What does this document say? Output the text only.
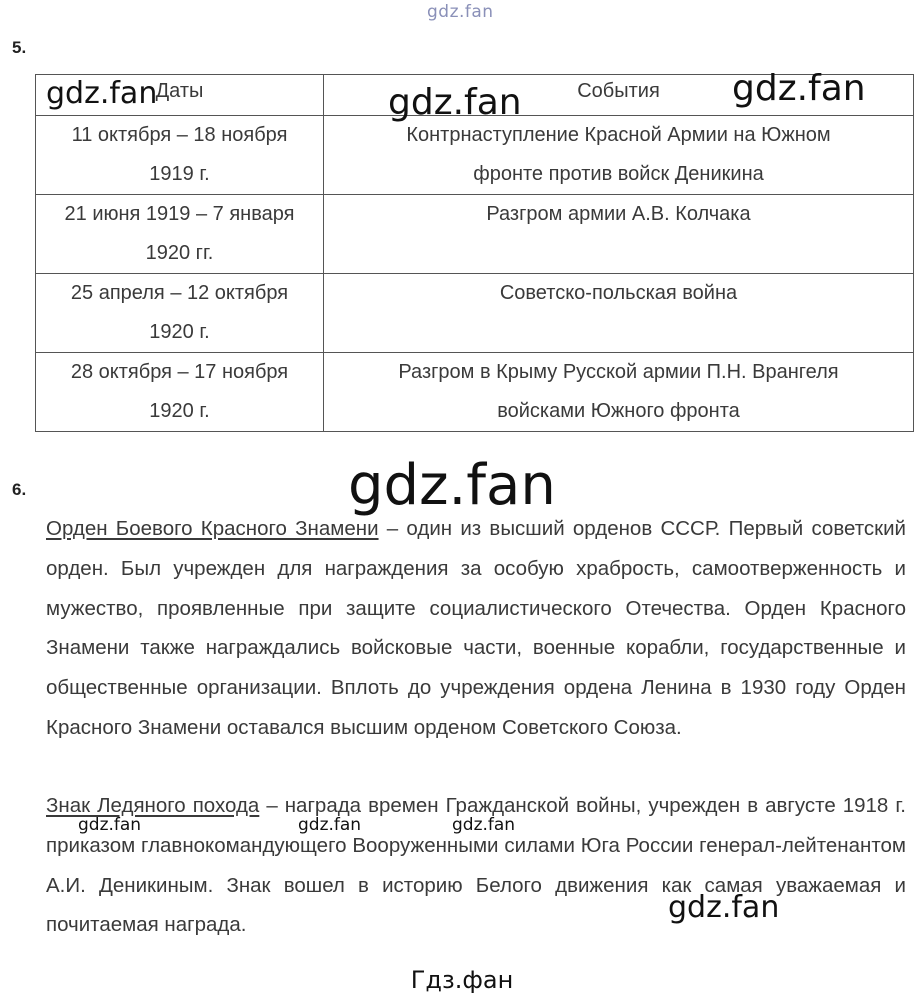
gdz.fan
5.
Даты	События
11 октября – 18 ноября
1919 г.	Контрнаступление Красной Армии на Южном
фронте против войск Деникина
21 июня 1919 – 7 января
1920 гг.	Разгром армии А.В. Колчака
25 апреля – 12 октября
1920 г.	Советско-польская война
28 октября – 17 ноября
1920 г.	Разгром в Крыму Русской армии П.Н. Врангеля
войсками Южного фронта
6.
Орден Боевого Красного Знамени – один из высший орденов СССР. Первый советский орден. Был учрежден для награждения за особую храбрость, самоотверженность и мужество, проявленные при защите социалистического Отечества. Орден Красного Знамени также награждались войсковые части, военные корабли, государственные и общественные организации. Вплоть до учреждения ордена Ленина в 1930 году Орден Красного Знамени оставался высшим орденом Советского Союза.
Знак Ледяного похода – награда времен Гражданской войны, учрежден в августе 1918 г. приказом главнокомандующего Вооруженными силами Юга России генерал-лейтенантом А.И. Деникиным. Знак вошел в историю Белого движения как самая уважаемая и почитаемая награда.
gdz.fan	gdz.fan	gdz.fan
gdz.fan
gdz.fan	gdz.fan	gdz.fan
gdz.fan
Гдз.фан
